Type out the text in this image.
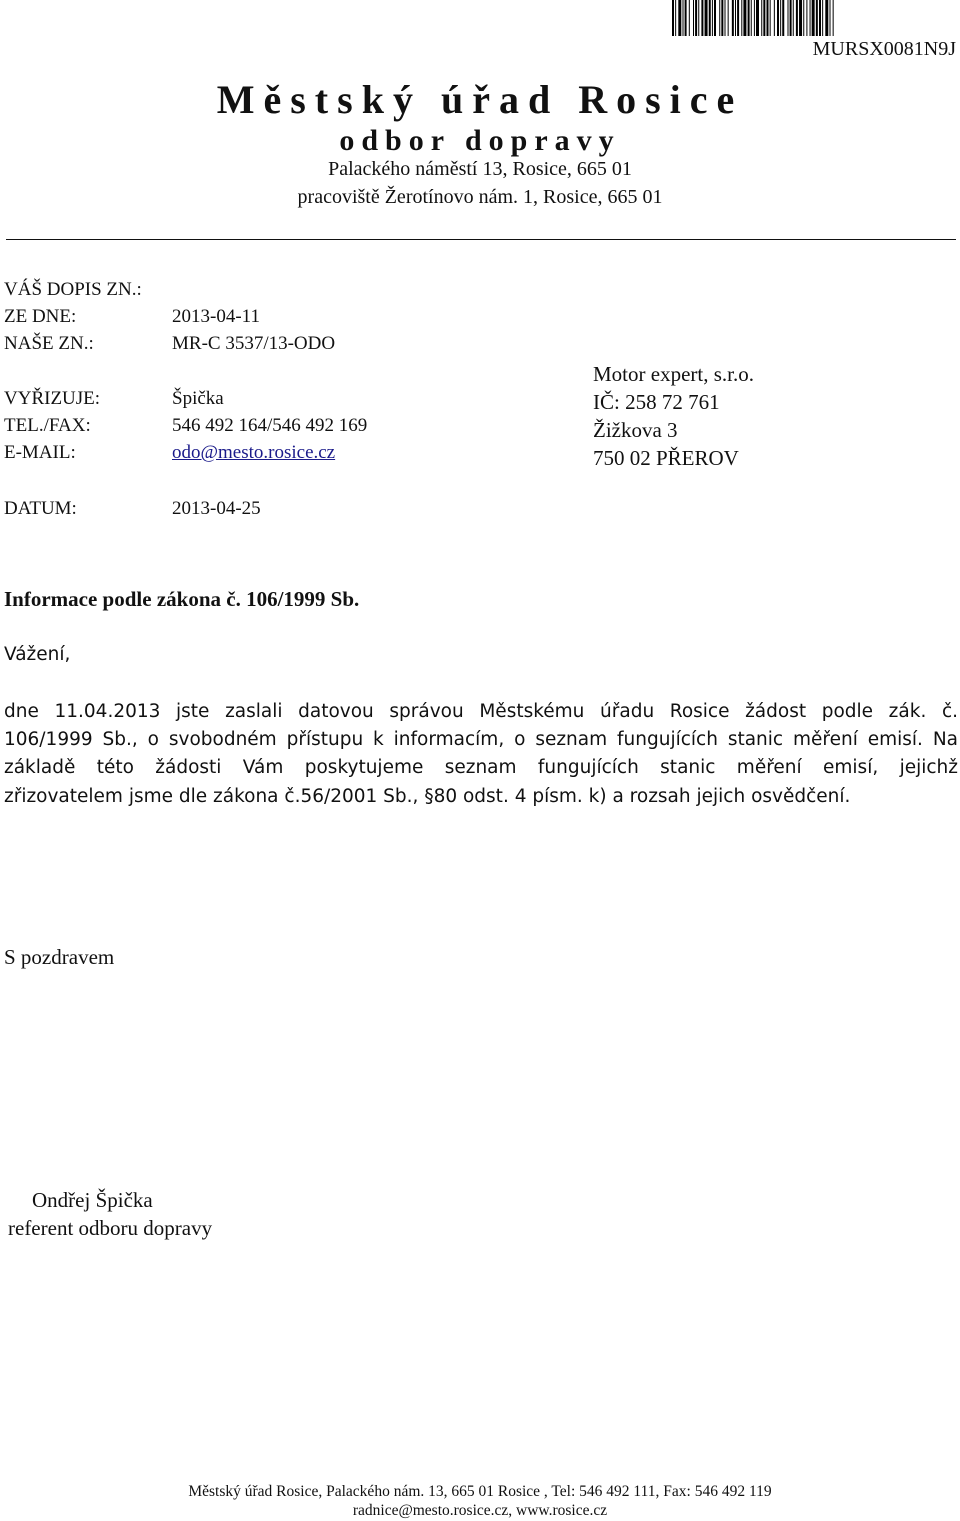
MURSX0081N9J
Městský úřad Rosice
odbor dopravy
Palackého náměstí 13, Rosice, 665 01
pracoviště Žerotínovo nám. 1, Rosice, 665 01
VÁŠ DOPIS ZN.:
ZE DNE:	2013-04-11
NAŠE ZN.:	MR-C 3537/13-ODO
VYŘIZUJE:	Špička
TEL./FAX:	546 492 164/546 492 169
E-MAIL:	odo@mesto.rosice.cz
DATUM:	2013-04-25
Motor expert, s.r.o.
IČ: 258 72 761
Žižkova 3
750 02 PŘEROV
Informace podle zákona č. 106/1999 Sb.
Vážení,
dne 11.04.2013 jste zaslali datovou správou Městskému úřadu Rosice žádost podle zák. č.
106/1999 Sb., o svobodném přístupu k informacím, o seznam fungujících stanic měření emisí. Na
základě této žádosti Vám poskytujeme seznam fungujících stanic měření emisí, jejichž
zřizovatelem jsme dle zákona č.56/2001 Sb., §80 odst. 4 písm. k) a rozsah jejich osvědčení.
S pozdravem
Ondřej Špička
referent odboru dopravy
Městský úřad Rosice, Palackého nám. 13, 665 01 Rosice , Tel: 546 492 111, Fax: 546 492 119
radnice@mesto.rosice.cz, www.rosice.cz
